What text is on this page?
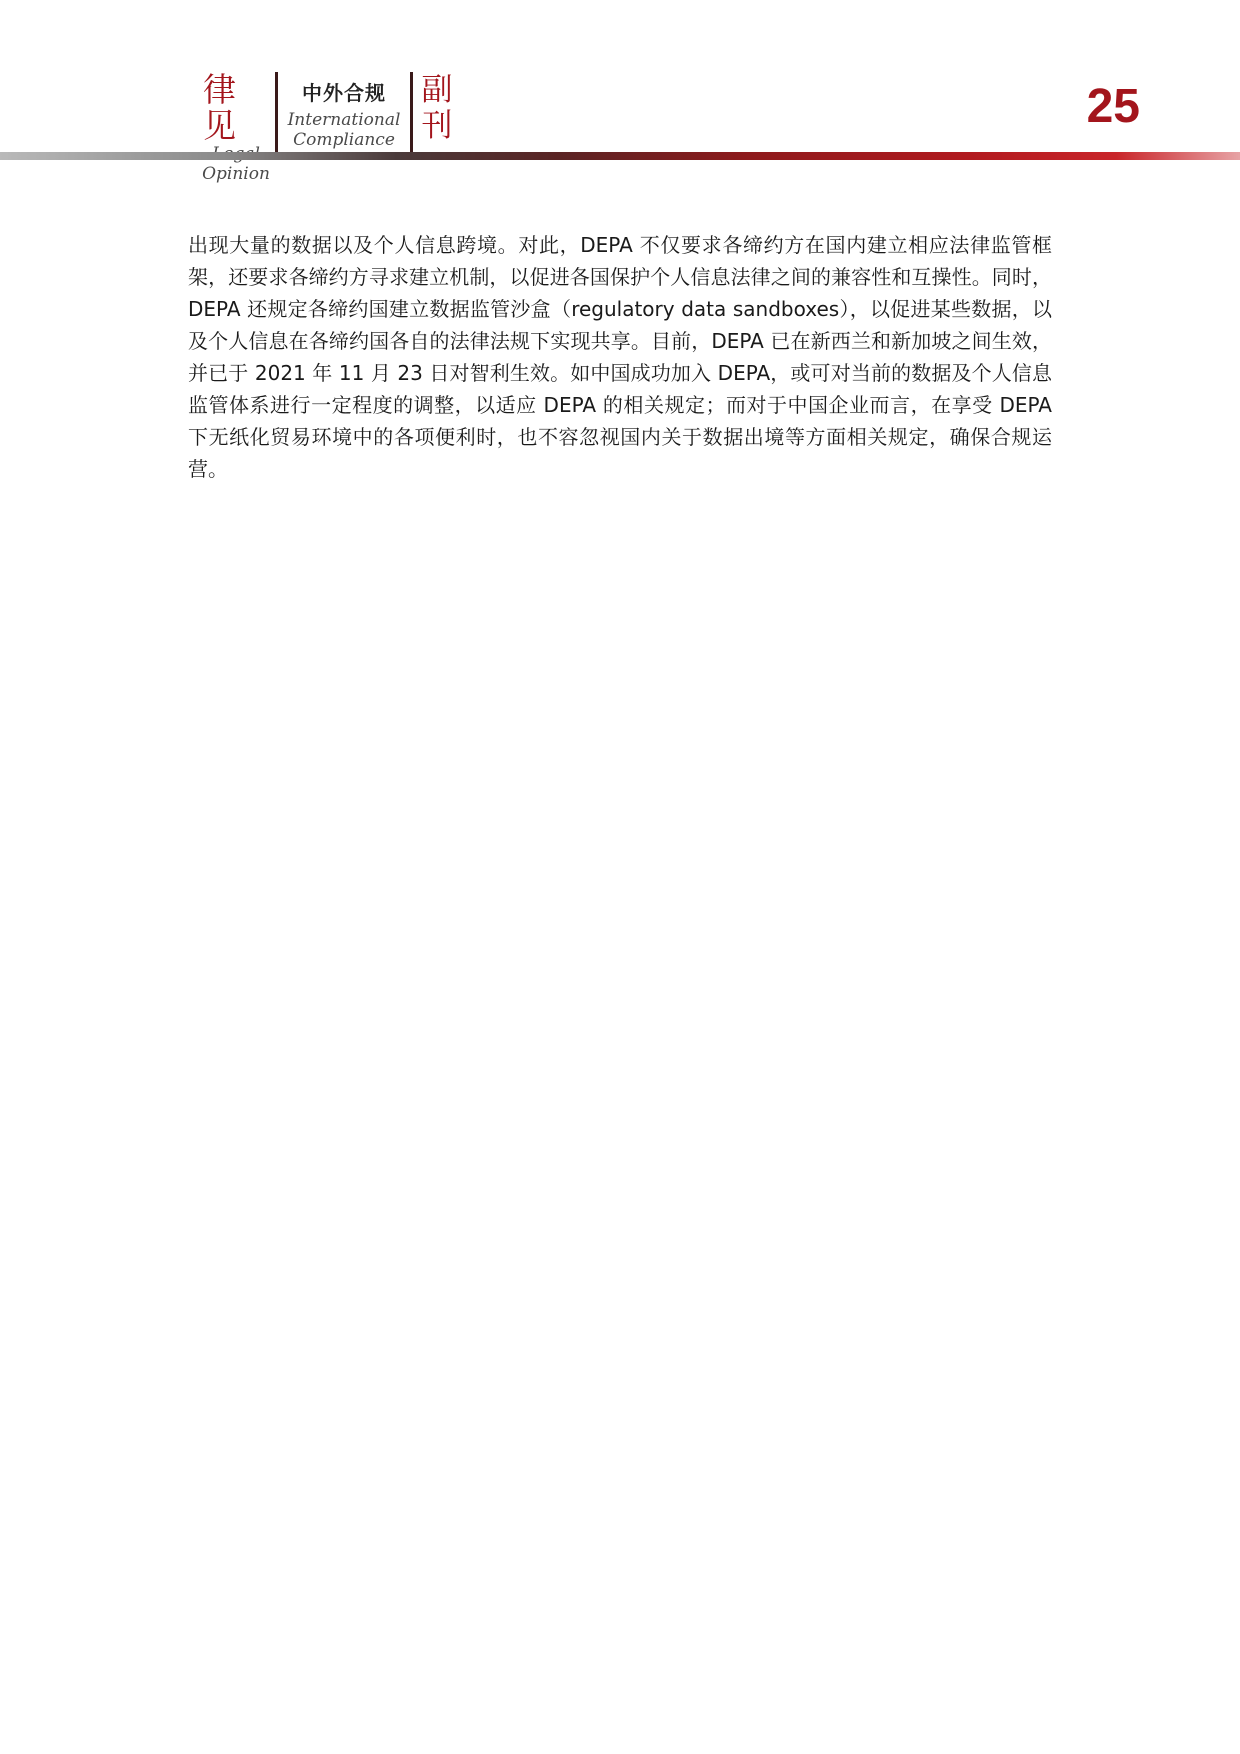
律见
Opinion
中外合规
International
Compliance
副
刊	25

出现大量的数据以及个人信息跨境。对此，DEPA 不仅要求各缔约方在国内建立相应法律监管框架，还要求各缔约方寻求建立机制，以促进各国保护个人信息法律之间的兼容性和互操性。同时，DEPA 还规定各缔约国建立数据监管沙盒（regulatory data sandboxes），以促进某些数据，以及个人信息在各缔约国各自的法律法规下实现共享。目前，DEPA 已在新西兰和新加坡之间生效，并已于 2021 年 11 月 23 日对智利生效。如中国成功加入 DEPA，或可对当前的数据及个人信息监管体系进行一定程度的调整，以适应 DEPA 的相关规定；而对于中国企业而言，在享受 DEPA 下无纸化贸易环境中的各项便利时，也不容忽视国内关于数据出境等方面相关规定，确保合规运营。
